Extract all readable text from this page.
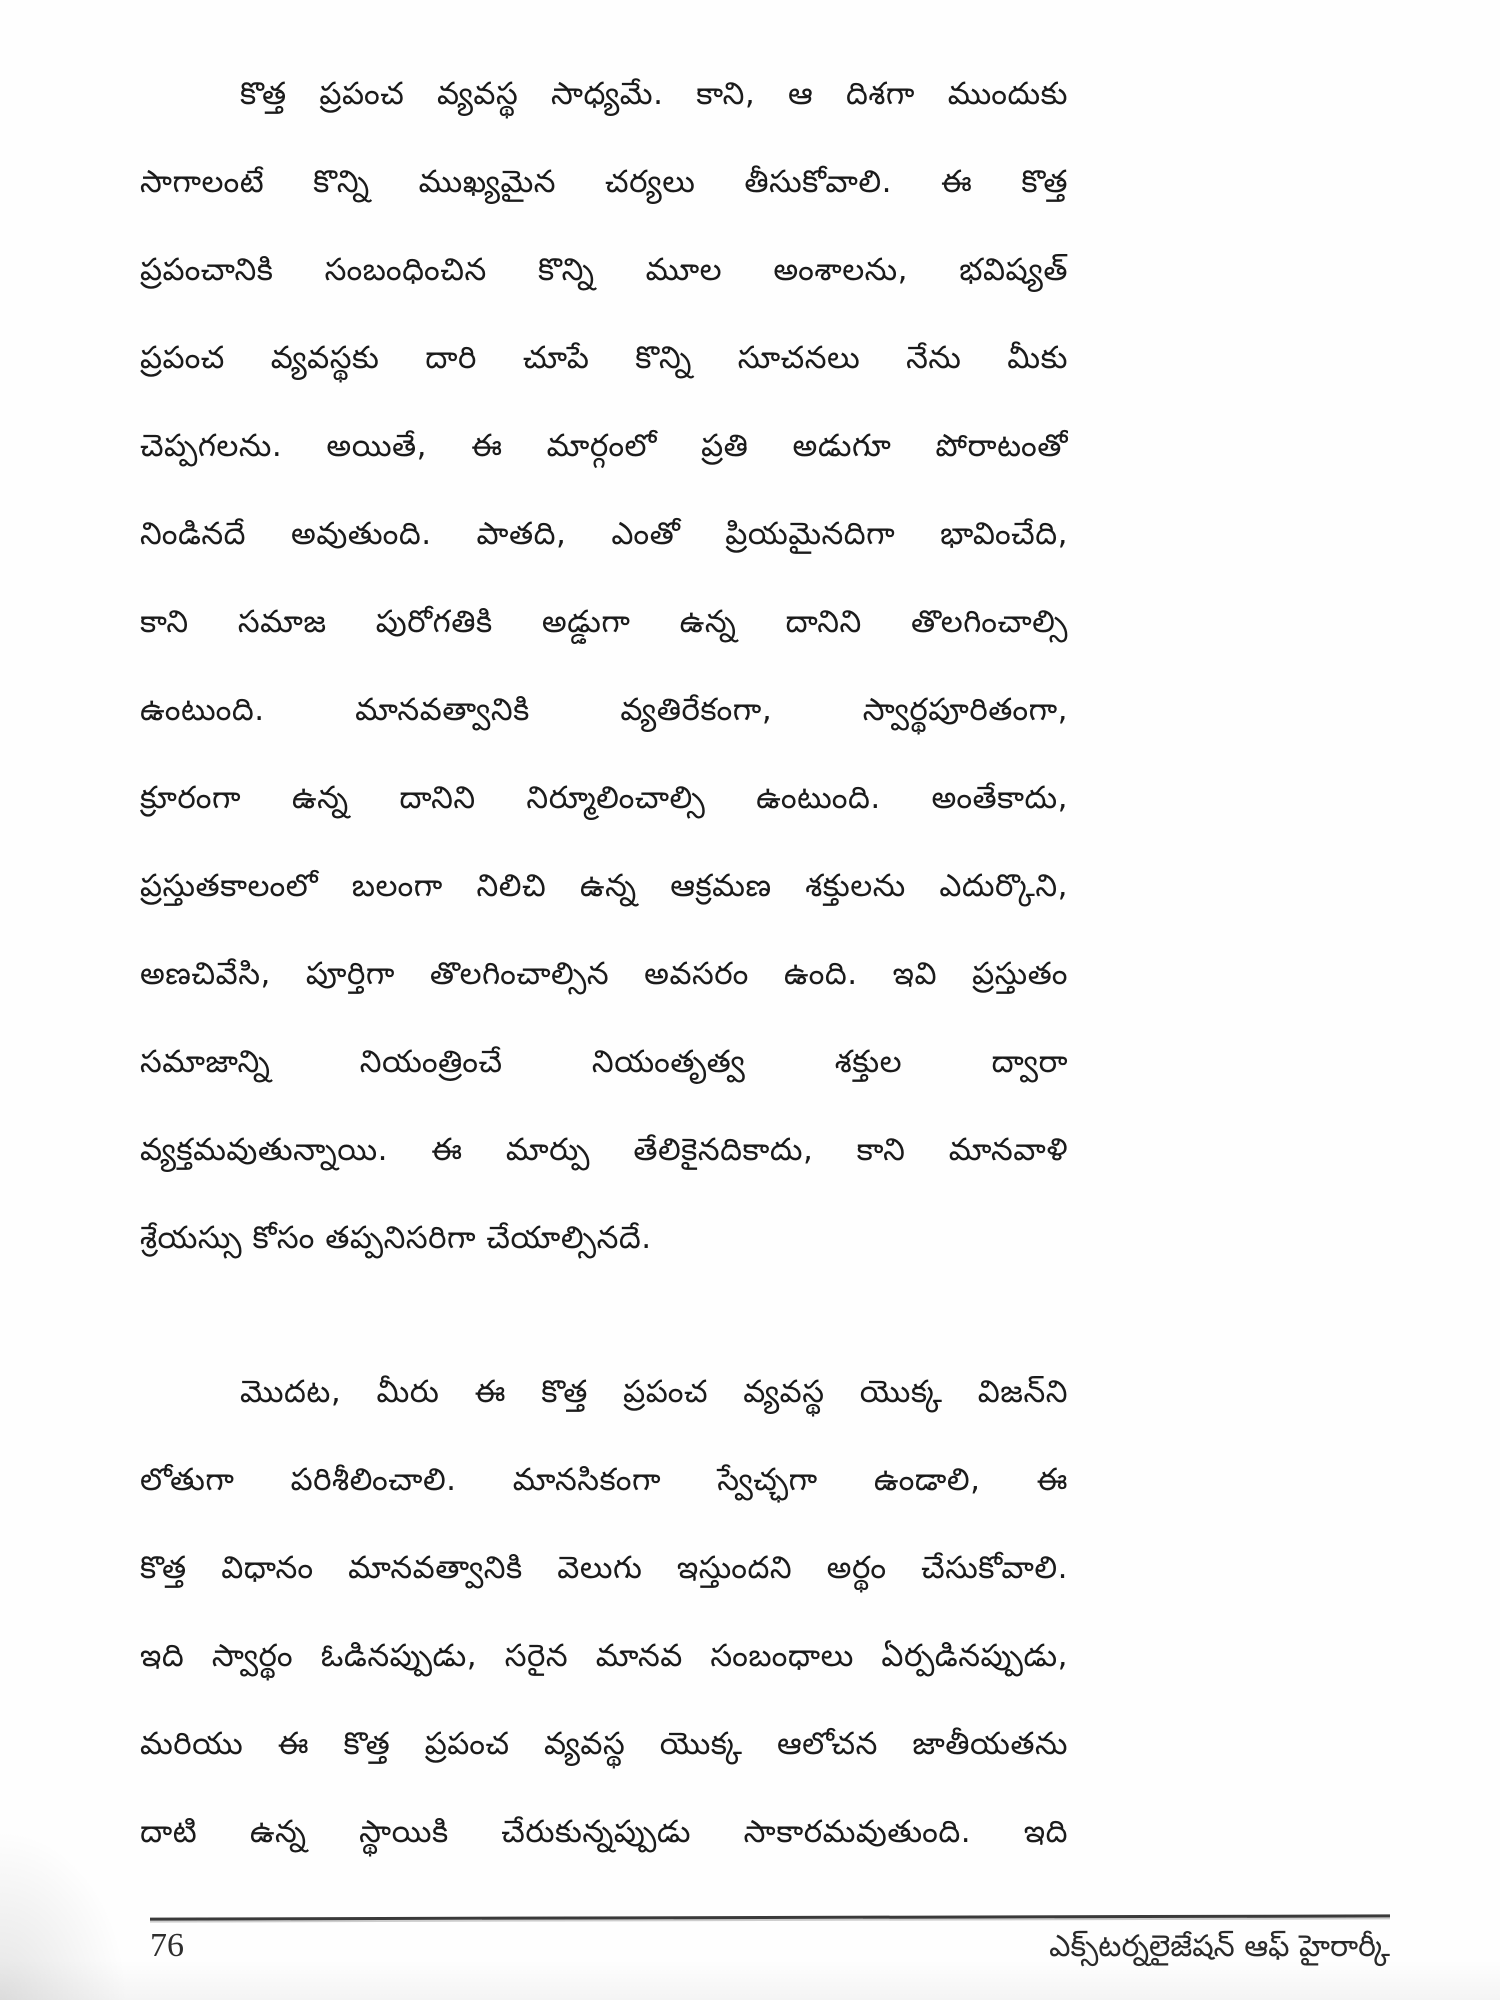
కొత్త ప్రపంచ వ్యవస్థ సాధ్యమే. కాని, ఆ దిశగా ముందుకు
సాగాలంటే కొన్ని ముఖ్యమైన చర్యలు తీసుకోవాలి. ఈ కొత్త
ప్రపంచానికి సంబంధించిన కొన్ని మూల అంశాలను, భవిష్యత్
ప్రపంచ వ్యవస్థకు దారి చూపే కొన్ని సూచనలు నేను మీకు
చెప్పగలను. అయితే, ఈ మార్గంలో ప్రతి అడుగూ పోరాటంతో
నిండినదే అవుతుంది. పాతది, ఎంతో ప్రియమైనదిగా భావించేది,
కాని సమాజ పురోగతికి అడ్డుగా ఉన్న దానిని తొలగించాల్సి
ఉంటుంది. మానవత్వానికి వ్యతిరేకంగా, స్వార్థపూరితంగా,
క్రూరంగా ఉన్న దానిని నిర్మూలించాల్సి ఉంటుంది. అంతేకాదు,
ప్రస్తుతకాలంలో బలంగా నిలిచి ఉన్న ఆక్రమణ శక్తులను ఎదుర్కొని,
అణచివేసి, పూర్తిగా తొలగించాల్సిన అవసరం ఉంది. ఇవి ప్రస్తుతం
సమాజాన్ని నియంత్రించే నియంతృత్వ శక్తుల ద్వారా
వ్యక్తమవుతున్నాయి. ఈ మార్పు తేలికైనదికాదు, కాని మానవాళి
శ్రేయస్సు కోసం తప్పనిసరిగా చేయాల్సినదే.
మొదట, మీరు ఈ కొత్త ప్రపంచ వ్యవస్థ యొక్క విజన్‌ని
లోతుగా పరిశీలించాలి. మానసికంగా స్వేచ్ఛగా ఉండాలి, ఈ
కొత్త విధానం మానవత్వానికి వెలుగు ఇస్తుందని అర్థం చేసుకోవాలి.
ఇది స్వార్థం ఓడినప్పుడు, సరైన మానవ సంబంధాలు ఏర్పడినప్పుడు,
మరియు ఈ కొత్త ప్రపంచ వ్యవస్థ యొక్క ఆలోచన జాతీయతను
దాటి ఉన్న స్థాయికి చేరుకున్నప్పుడు సాకారమవుతుంది. ఇది
76	ఎక్స్‌టర్నలైజేషన్ ఆఫ్ హైరార్కీ
